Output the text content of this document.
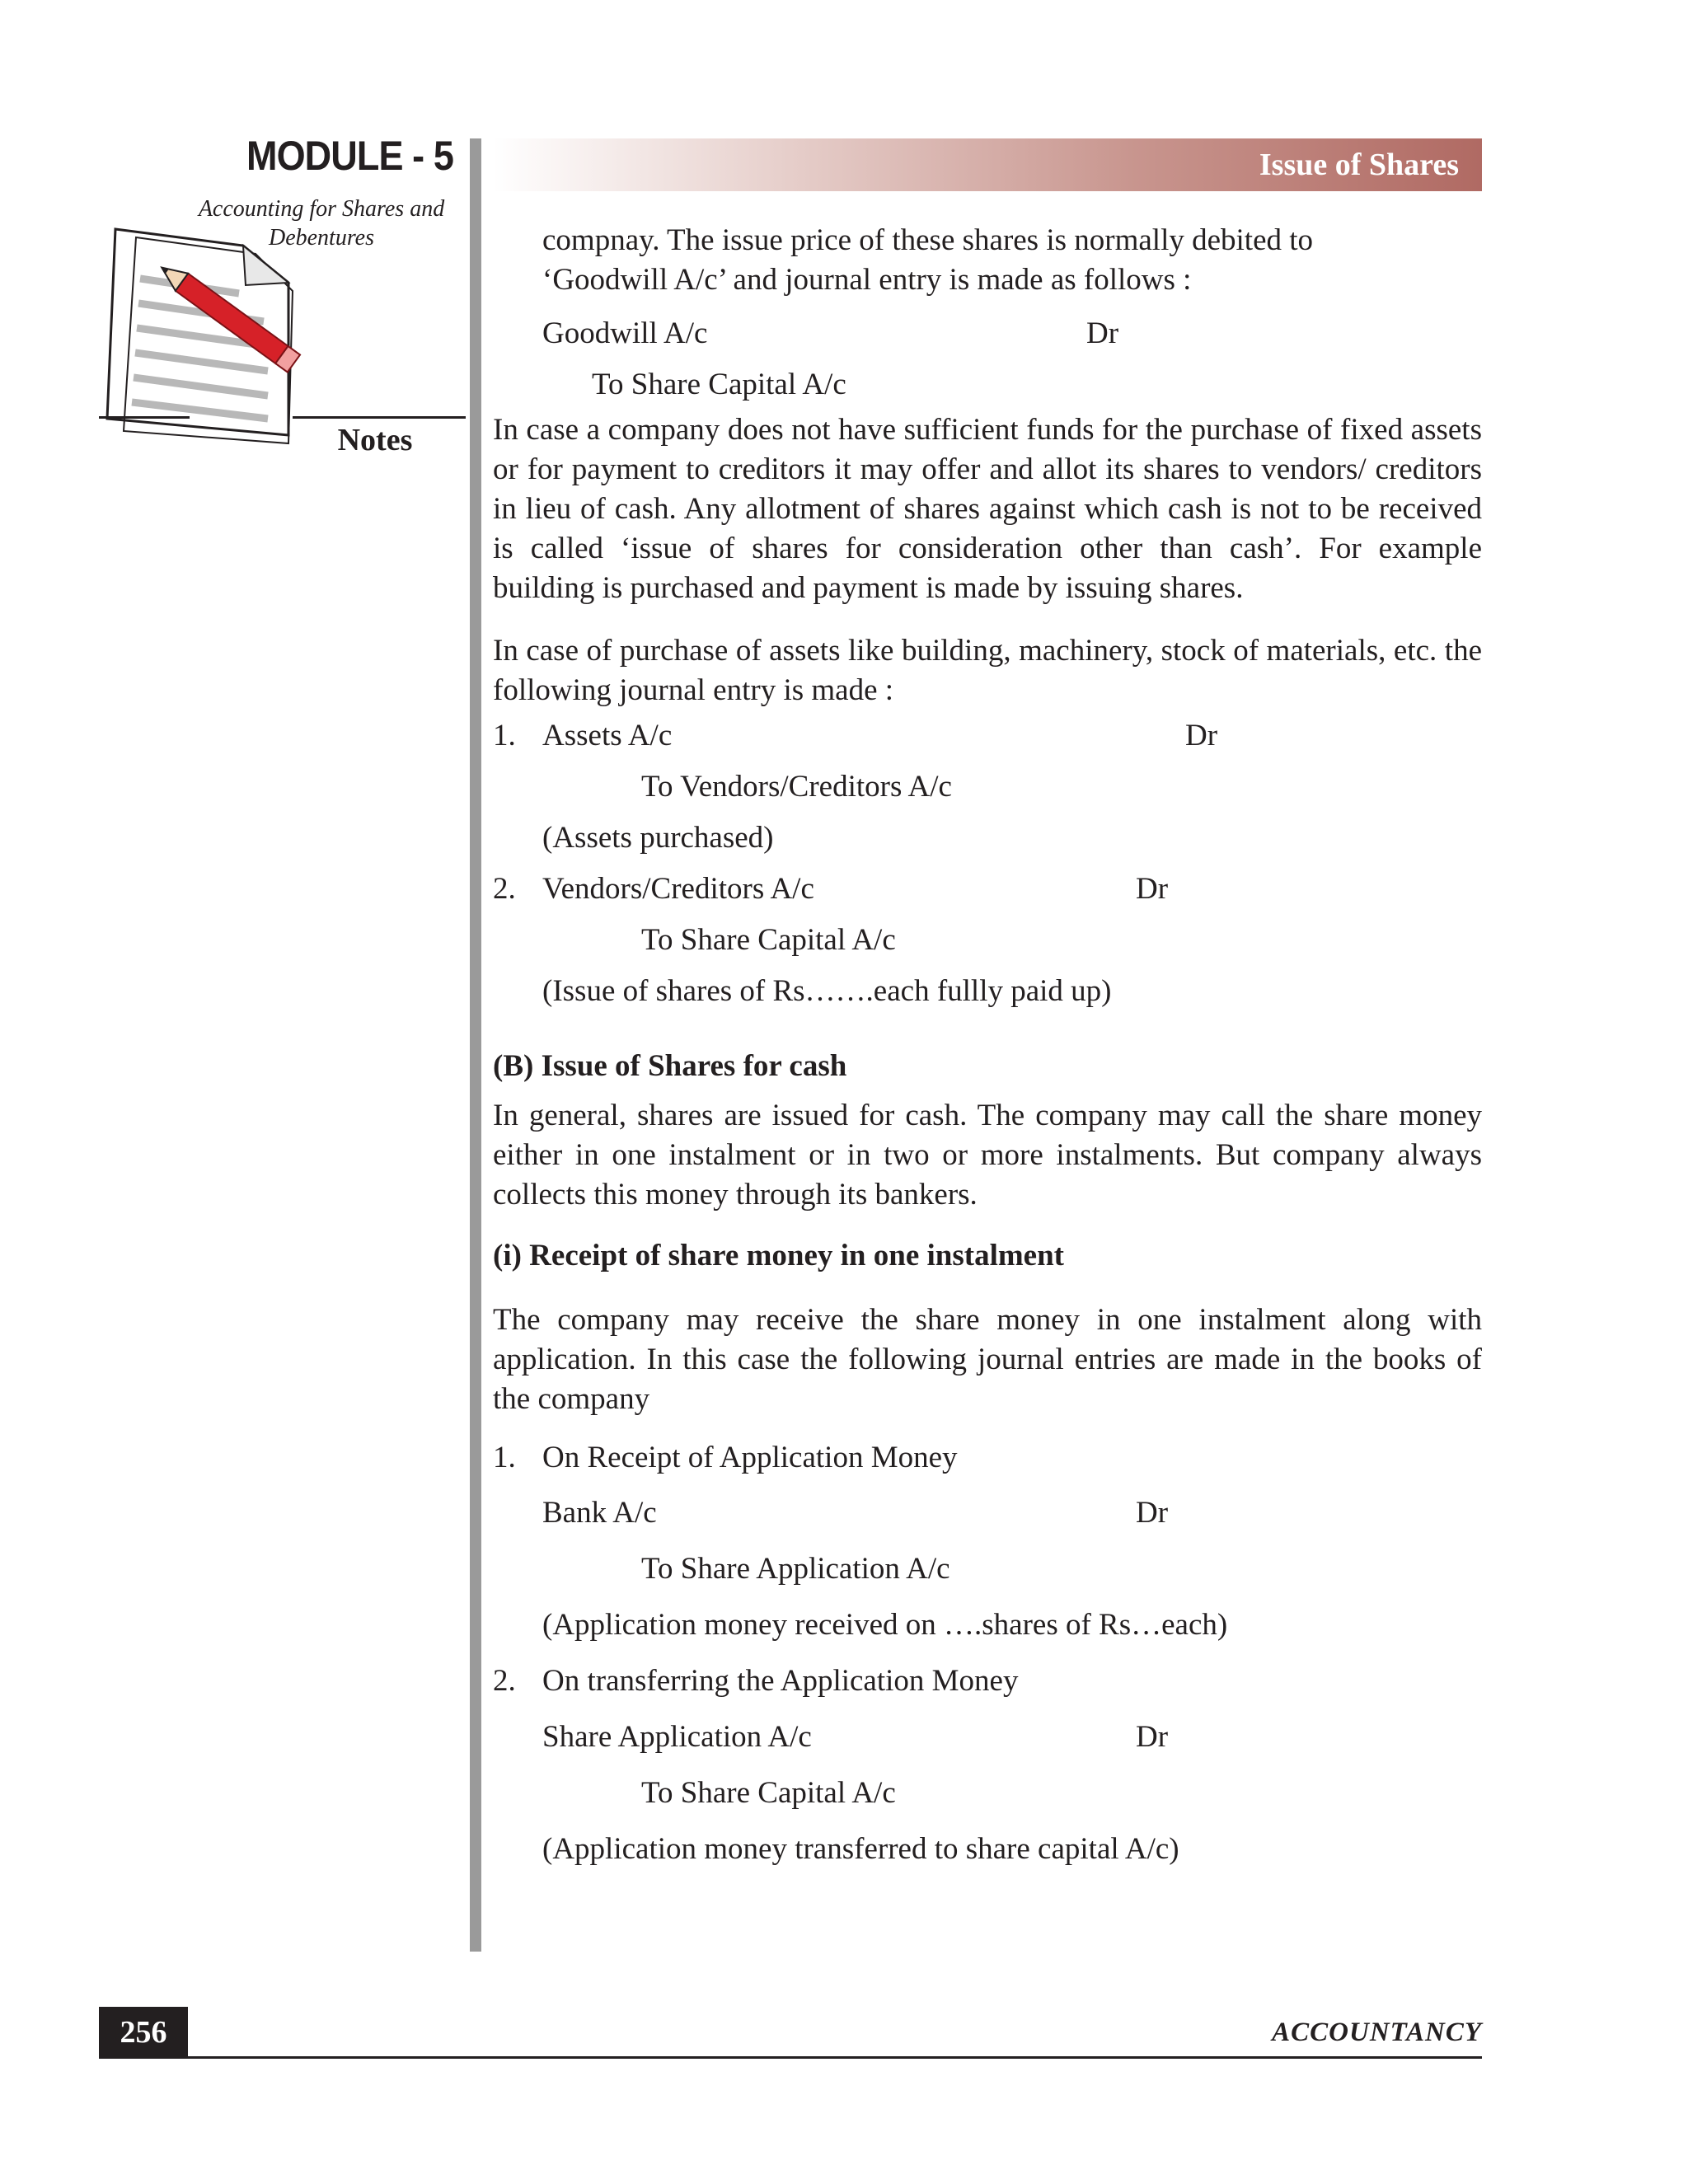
MODULE - 5
Accounting for Shares and
Debentures
Notes
Issue of Shares

compnay. The issue price of these shares is normally debited to

‘Goodwill A/c’ and journal entry is made as follows :

Goodwill A/c	Dr
To Share Capital A/c

In case a company does not have sufficient funds for the purchase of fixed assets or for payment to creditors it may offer and allot its shares to vendors/ creditors in lieu of cash. Any allotment of shares against which cash is not to be received is called ‘issue of shares for consideration other than cash’. For example building is purchased and payment is made by issuing shares.

In case of purchase of assets like building, machinery, stock of materials, etc. the following journal entry is made :

1. Assets A/c	Dr
To Vendors/Creditors A/c
(Assets purchased)
2. Vendors/Creditors A/c	Dr
To Share Capital A/c
(Issue of shares of Rs…….each fullly paid up)

(B) Issue of Shares for cash

In general, shares are issued for cash. The company may call the share money either in one instalment or in two or more instalments. But company always collects this money through its bankers.

(i) Receipt of share money in one instalment

The company may receive the share money in one instalment along with application. In this case the following journal entries are made in the books of the company

1. On Receipt of Application Money
Bank A/c	Dr
To Share Application A/c
(Application money received on ….shares of Rs…each)
2. On transferring the Application Money
Share Application A/c	Dr
To Share Capital A/c
(Application money transferred to share capital A/c)
256	ACCOUNTANCY
